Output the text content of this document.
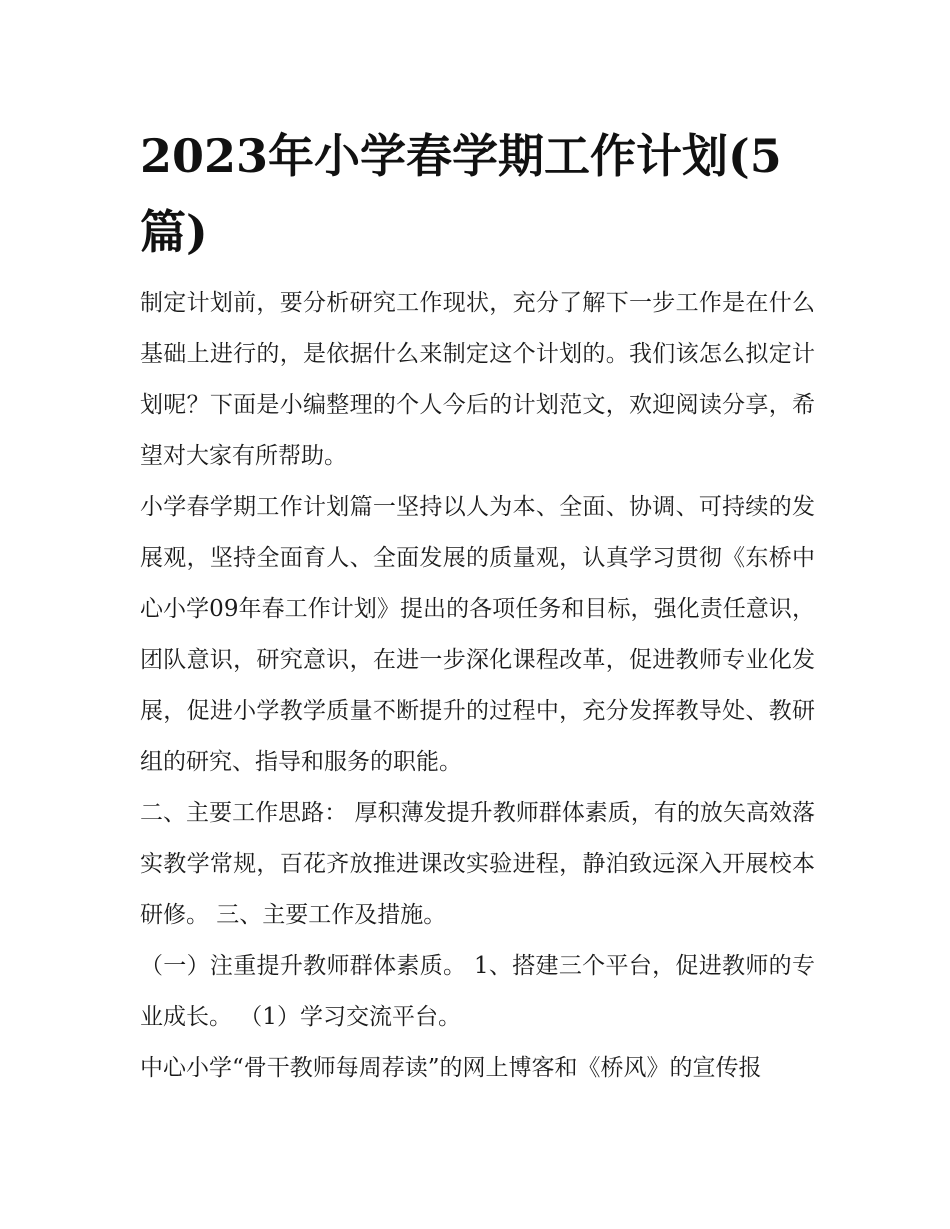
2023年小学春学期工作计划(5篇)

制定计划前，要分析研究工作现状，充分了解下一步工作是在什么基础上进行的，是依据什么来制定这个计划的。我们该怎么拟定计划呢？下面是小编整理的个人今后的计划范文，欢迎阅读分享，希望对大家有所帮助。

小学春学期工作计划篇一坚持以人为本、全面、协调、可持续的发展观，坚持全面育人、全面发展的质量观，认真学习贯彻《东桥中心小学09年春工作计划》提出的各项任务和目标，强化责任意识，团队意识，研究意识，在进一步深化课程改革，促进教师专业化发展，促进小学教学质量不断提升的过程中，充分发挥教导处、教研组的研究、指导和服务的职能。

二、主要工作思路： 厚积薄发提升教师群体素质，有的放矢高效落实教学常规，百花齐放推进课改实验进程，静泊致远深入开展校本研修。 三、主要工作及措施。

（一）注重提升教师群体素质。 1、搭建三个平台，促进教师的专业成长。 （1）学习交流平台。

中心小学“骨干教师每周荐读”的网上博客和《桥风》的宣传报
